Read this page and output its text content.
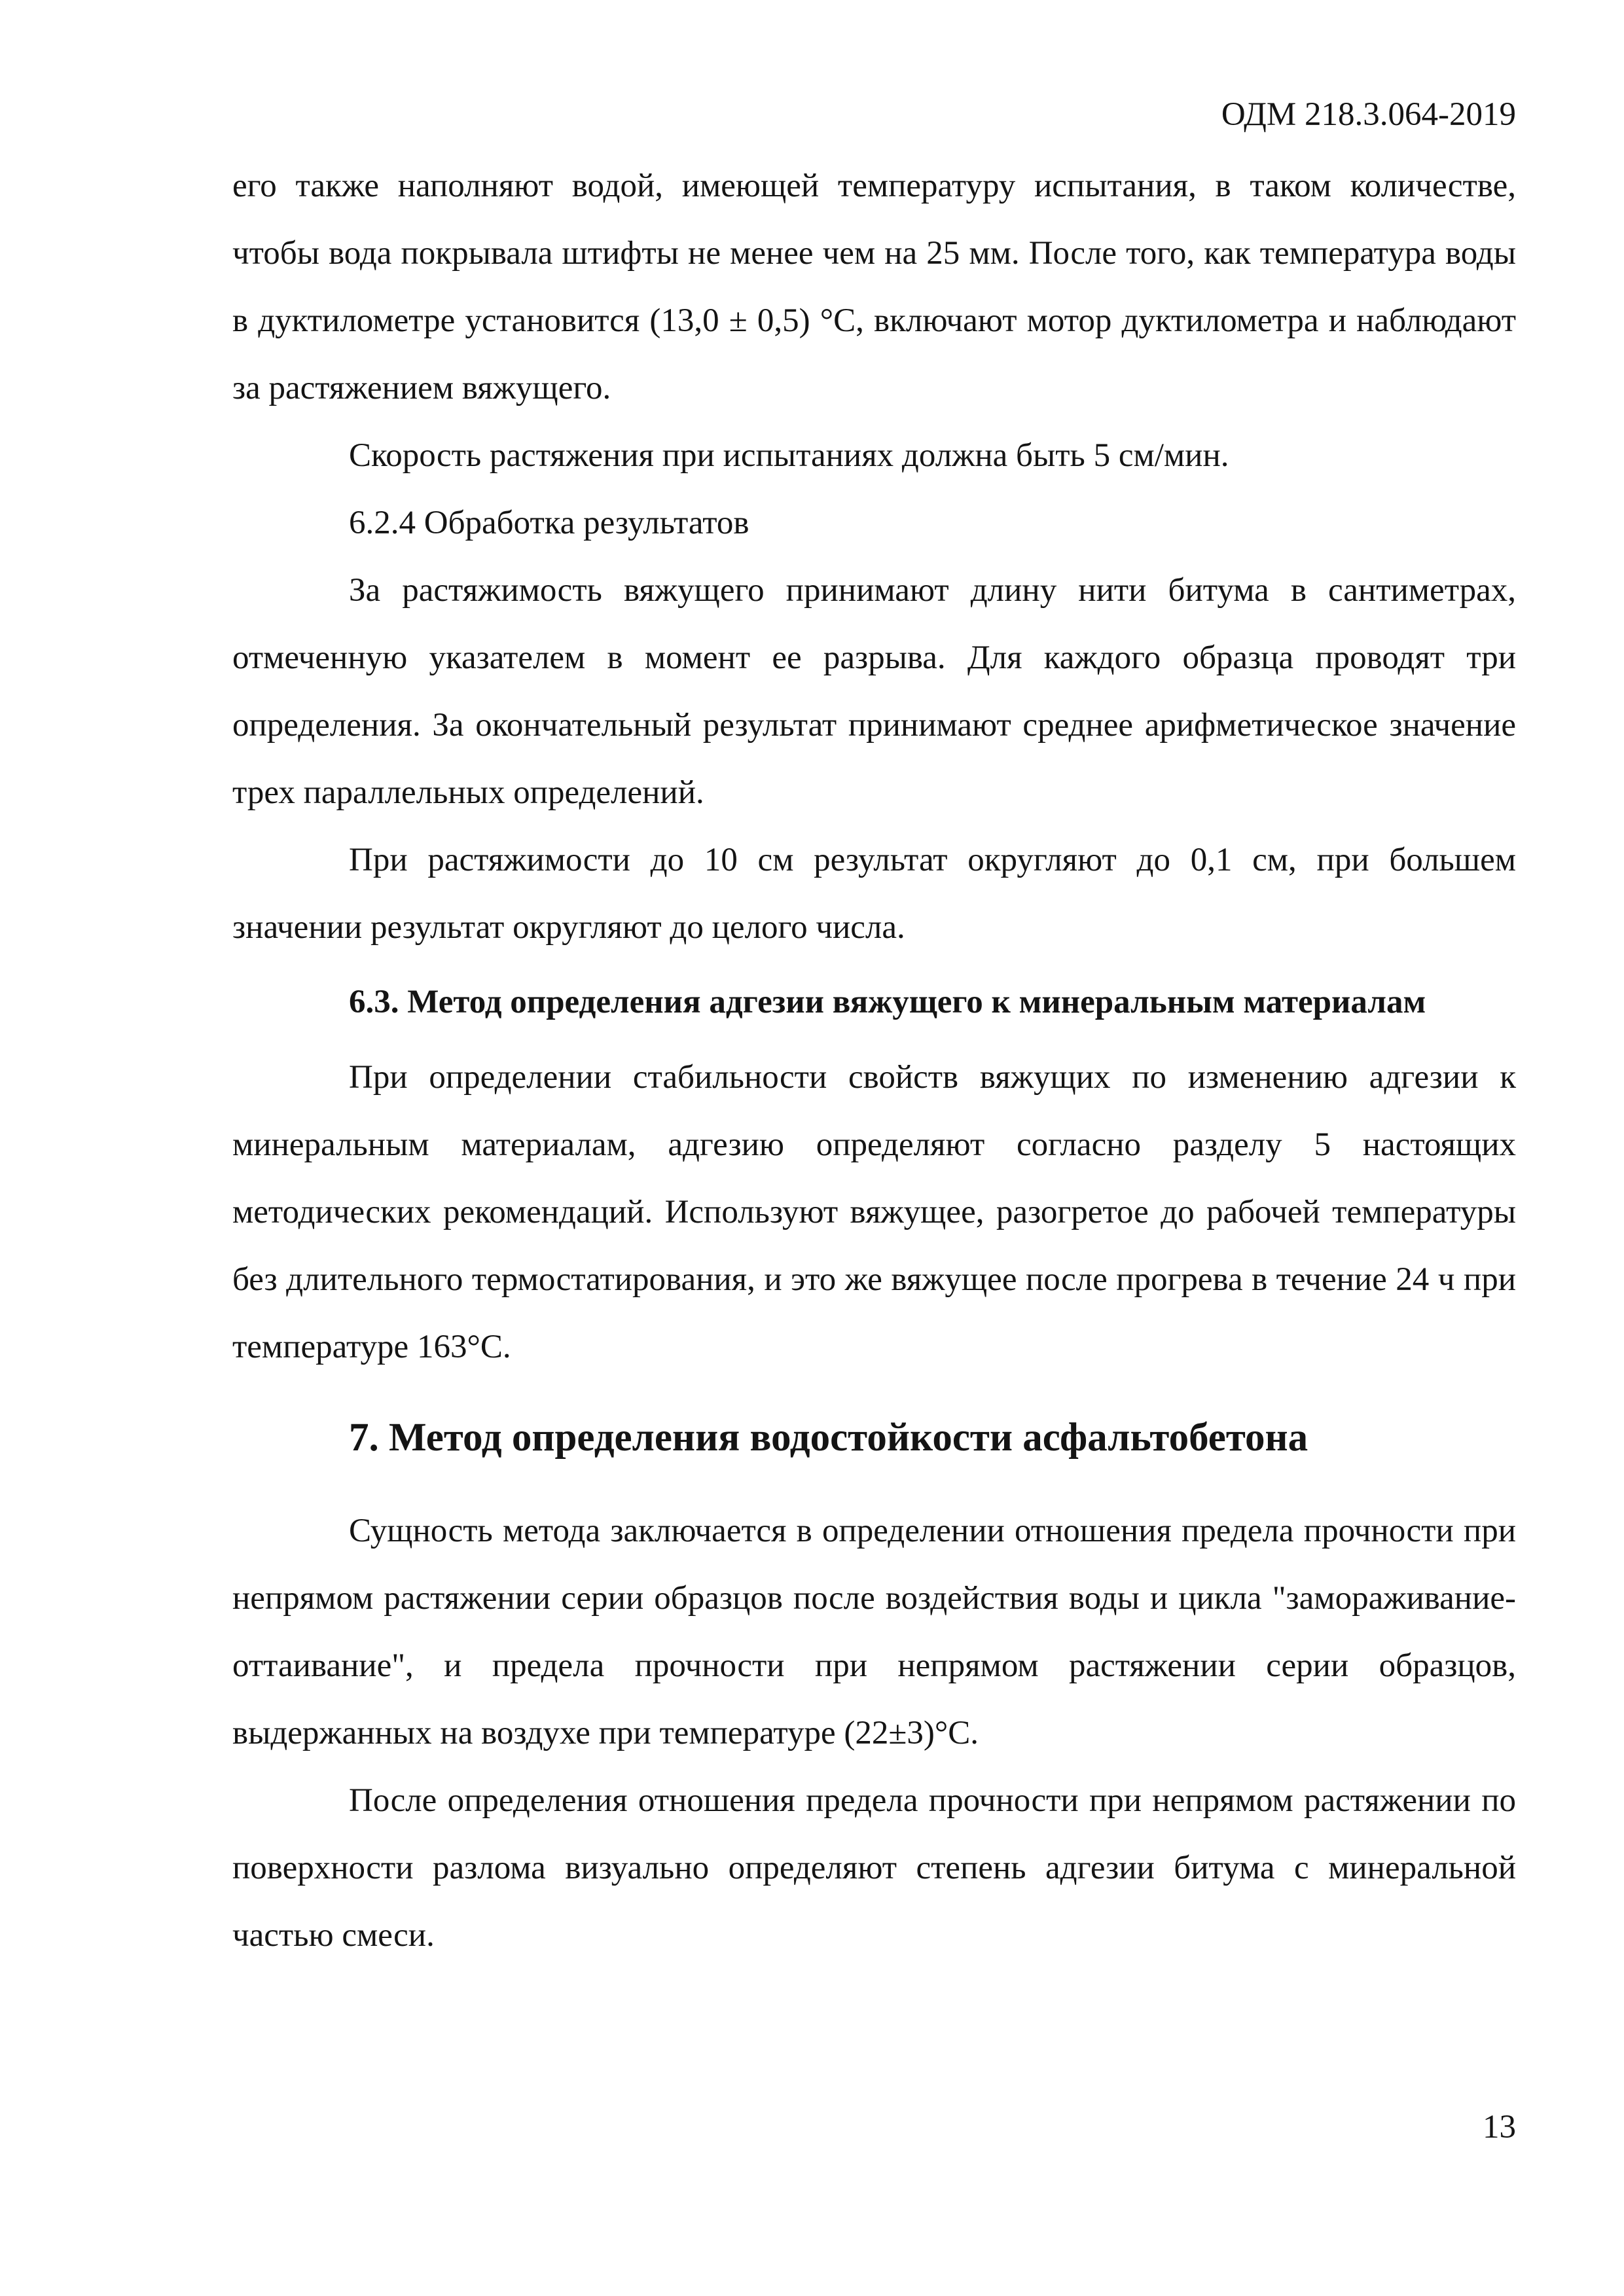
ОДМ 218.3.064-2019

его также наполняют водой, имеющей температуру испытания, в таком количестве, чтобы вода покрывала штифты не менее чем на 25 мм. После того, как температура воды в дуктилометре установится (13,0 ± 0,5) °С, включают мотор дуктилометра и наблюдают за растяжением вяжущего.

Скорость растяжения при испытаниях должна быть 5 см/мин.

6.2.4 Обработка результатов

За растяжимость вяжущего принимают длину нити битума в сантиметрах, отмеченную указателем в момент ее разрыва. Для каждого образца проводят три определения. За окончательный результат принимают среднее арифметическое значение трех параллельных определений.

При растяжимости до 10 см результат округляют до 0,1 см, при большем значении результат округляют до целого числа.

6.3. Метод определения адгезии вяжущего к минеральным материалам

При определении стабильности свойств вяжущих по изменению адгезии к минеральным материалам, адгезию определяют согласно разделу 5 настоящих методических рекомендаций. Используют вяжущее, разогретое до рабочей температуры без длительного термостатирования, и это же вяжущее после прогрева в течение 24 ч при температуре 163°С.

7. Метод определения водостойкости асфальтобетона

Сущность метода заключается в определении отношения предела прочности при непрямом растяжении серии образцов после воздействия воды и цикла "замораживание-оттаивание", и предела прочности при непрямом растяжении серии образцов, выдержанных на воздухе при температуре (22±3)°С.

После определения отношения предела прочности при непрямом растяжении по поверхности разлома визуально определяют степень адгезии битума с минеральной частью смеси.

13
